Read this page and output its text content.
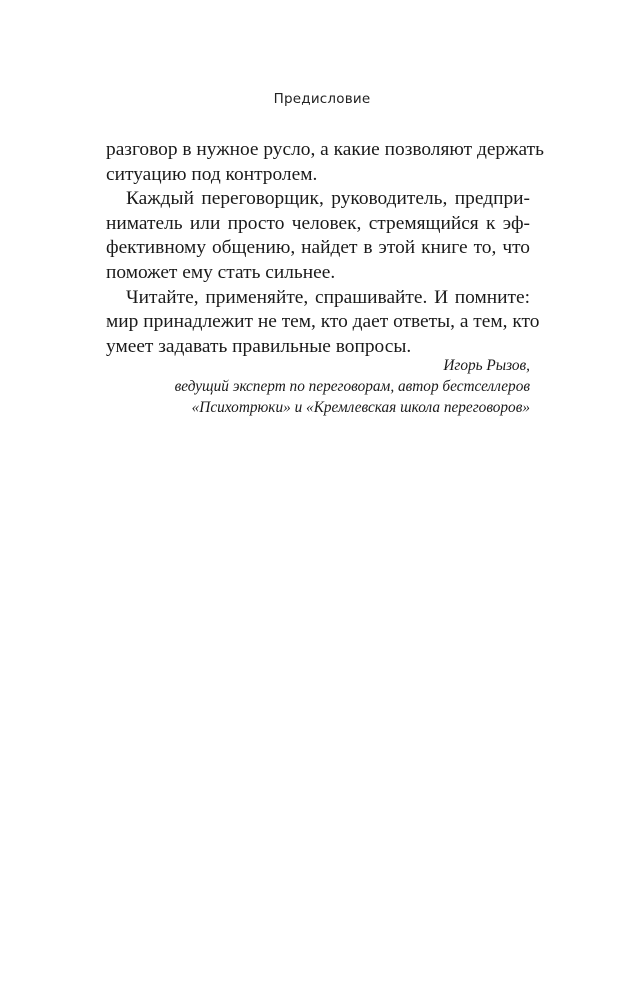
Предисловие
разговор в нужное русло, а какие позволяют держать
ситуацию под контролем.
Каждый переговорщик, руководитель, предпри-
ниматель или просто человек, стремящийся к эф-
фективному общению, найдет в этой книге то, что
поможет ему стать сильнее.
Читайте, применяйте, спрашивайте. И помните:
мир принадлежит не тем, кто дает ответы, а тем, кто
умеет задавать правильные вопросы.
Игорь Рызов,
ведущий эксперт по переговорам, автор бестселлеров
«Психотрюки» и «Кремлевская школа переговоров»
